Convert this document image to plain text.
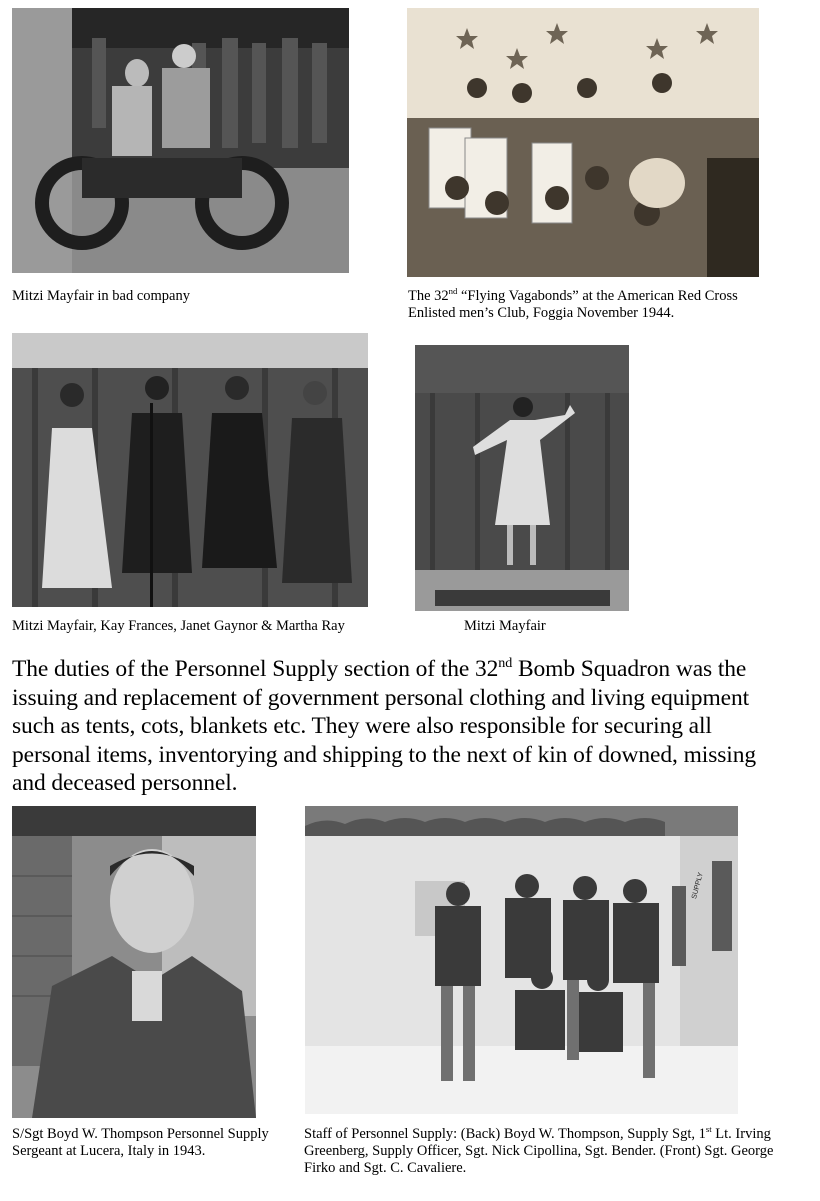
Mitzi Mayfair in bad company	The 32nd “Flying Vagabonds” at the American Red Cross Enlisted men’s Club, Foggia November 1944.
Mitzi Mayfair, Kay Frances, Janet Gaynor & Martha Ray	Mitzi Mayfair
The duties of the Personnel Supply section of the 32nd Bomb Squadron was the issuing and replacement of government personal clothing and living equipment such as tents, cots, blankets etc. They were also responsible for securing all personal items, inventorying and shipping to the next of kin of downed, missing and deceased personnel.
S/Sgt Boyd W. Thompson Personnel Supply Sergeant at Lucera, Italy in 1943.
SUPPLY
Staff of Personnel Supply: (Back) Boyd W. Thompson, Supply Sgt, 1st Lt. Irving Greenberg, Supply Officer, Sgt. Nick Cipollina, Sgt. Bender. (Front) Sgt. George Firko and Sgt. C. Cavaliere.
